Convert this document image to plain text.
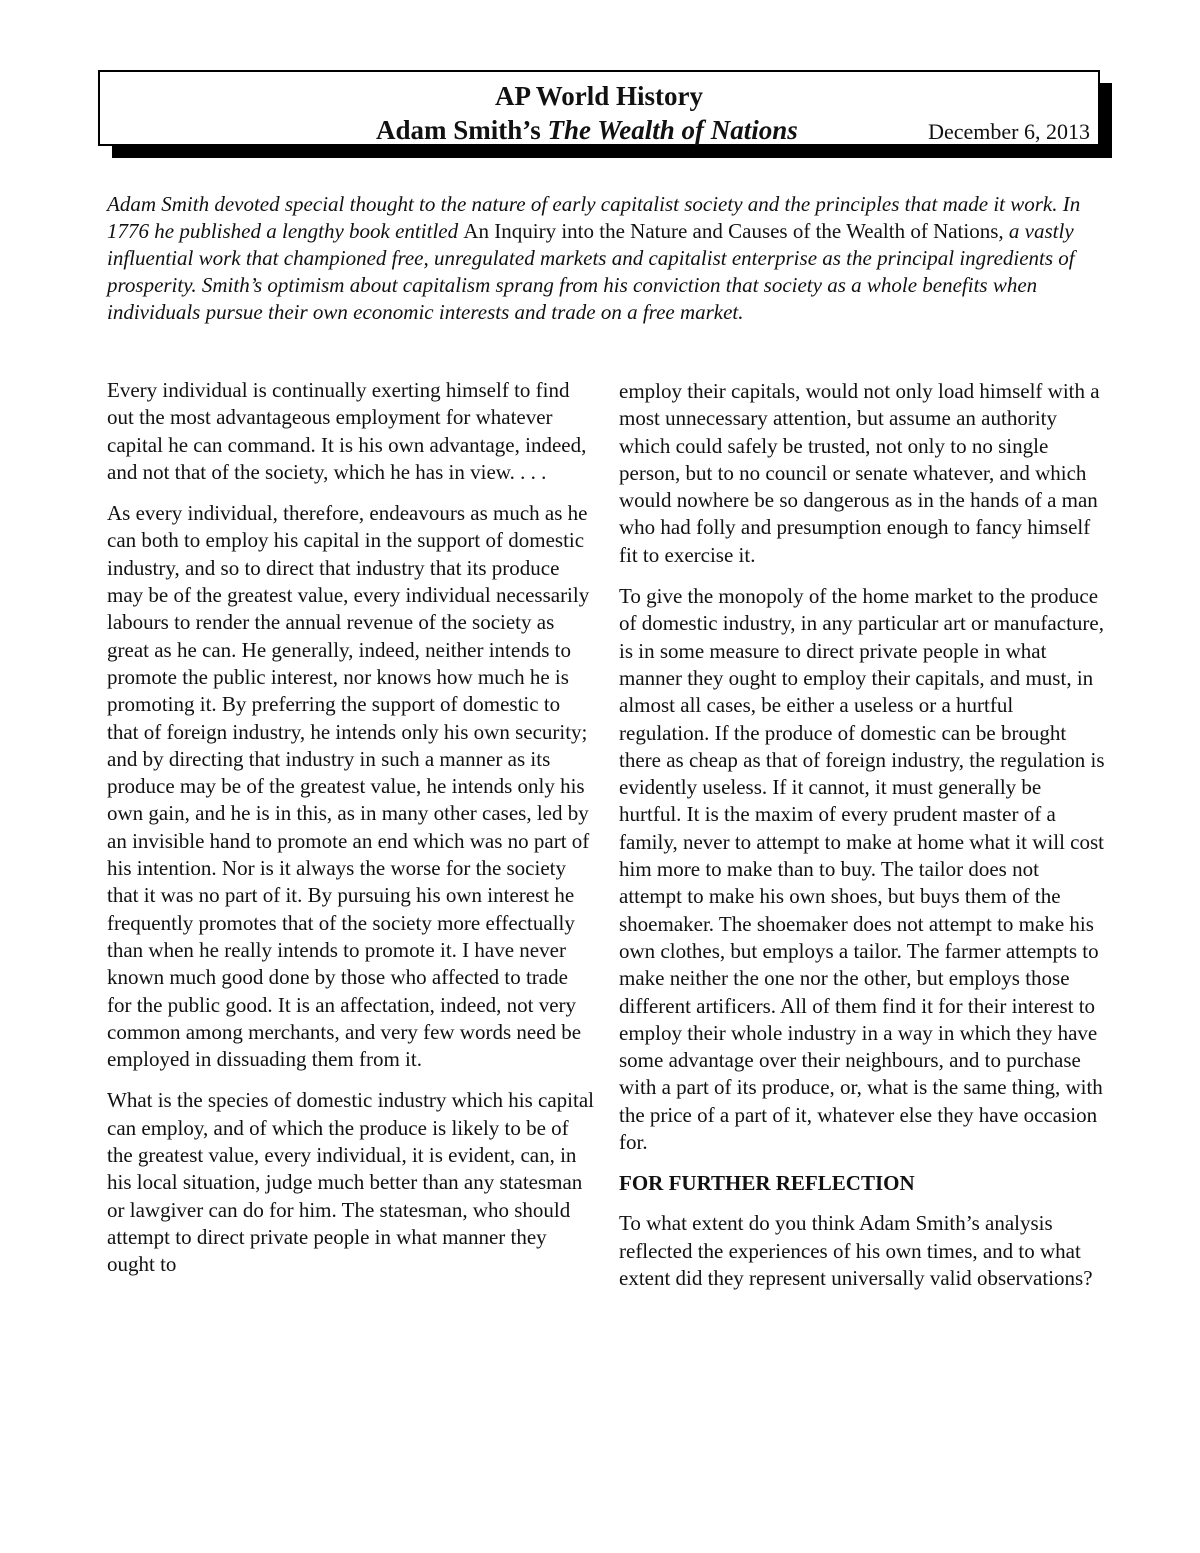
AP World History
Adam Smith’s The Wealth of Nations	December 6, 2013

Adam Smith devoted special thought to the nature of early capitalist society and the principles that made it work. In 1776 he published a lengthy book entitled An Inquiry into the Nature and Causes of the Wealth of Nations, a vastly influential work that championed free, unregulated markets and capitalist enterprise as the principal ingredients of prosperity. Smith’s optimism about capitalism sprang from his conviction that society as a whole benefits when individuals pursue their own economic interests and trade on a free market.

Every individual is continually exerting himself to find out the most advantageous employment for whatever capital he can command. It is his own advantage, indeed, and not that of the society, which he has in view. . . .

As every individual, therefore, endeavours as much as he can both to employ his capital in the support of domestic industry, and so to direct that industry that its produce may be of the greatest value, every individual necessarily labours to render the annual revenue of the society as great as he can. He generally, indeed, neither intends to promote the public interest, nor knows how much he is promoting it. By preferring the support of domestic to that of foreign industry, he intends only his own security; and by directing that industry in such a manner as its produce may be of the greatest value, he intends only his own gain, and he is in this, as in many other cases, led by an invisible hand to promote an end which was no part of his intention. Nor is it always the worse for the society that it was no part of it. By pursuing his own interest he frequently promotes that of the society more effectually than when he really intends to promote it. I have never known much good done by those who affected to trade for the public good. It is an affectation, indeed, not very common among merchants, and very few words need be employed in dissuading them from it.

What is the species of domestic industry which his capital can employ, and of which the produce is likely to be of the greatest value, every individual, it is evident, can, in his local situation, judge much better than any statesman or lawgiver can do for him. The statesman, who should attempt to direct private people in what manner they ought to

employ their capitals, would not only load himself with a most unnecessary attention, but assume an authority which could safely be trusted, not only to no single person, but to no council or senate whatever, and which would nowhere be so dangerous as in the hands of a man who had folly and presumption enough to fancy himself fit to exercise it.

To give the monopoly of the home market to the produce of domestic industry, in any particular art or manufacture, is in some measure to direct private people in what manner they ought to employ their capitals, and must, in almost all cases, be either a useless or a hurtful regulation. If the produce of domestic can be brought there as cheap as that of foreign industry, the regulation is evidently useless. If it cannot, it must generally be hurtful. It is the maxim of every prudent master of a family, never to attempt to make at home what it will cost him more to make than to buy. The tailor does not attempt to make his own shoes, but buys them of the shoemaker. The shoemaker does not attempt to make his own clothes, but employs a tailor. The farmer attempts to make neither the one nor the other, but employs those different artificers. All of them find it for their interest to employ their whole industry in a way in which they have some advantage over their neighbours, and to purchase with a part of its produce, or, what is the same thing, with the price of a part of it, whatever else they have occasion for.

FOR FURTHER REFLECTION

To what extent do you think Adam Smith’s analysis reflected the experiences of his own times, and to what extent did they represent universally valid observations?
